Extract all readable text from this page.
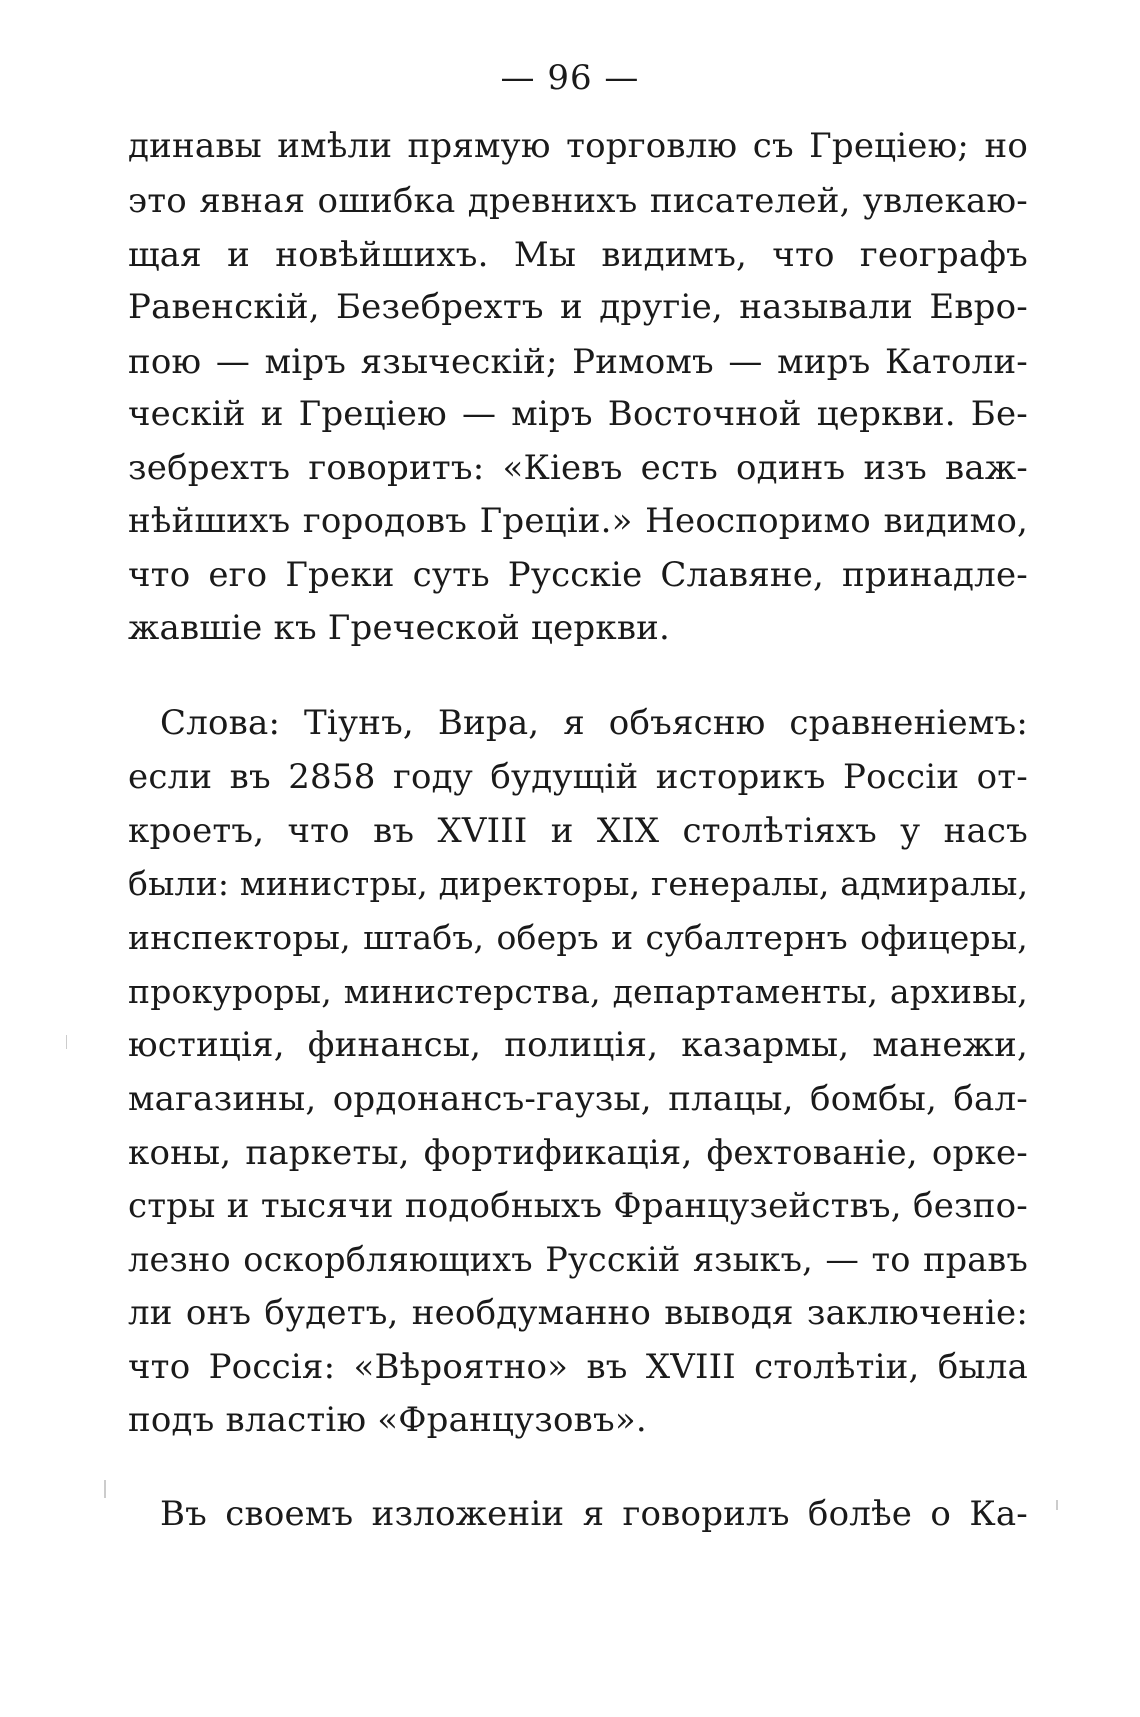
— 96 —
динавы имѣли прямую торговлю съ Греціею; но
это явная ошибка древнихъ писателей, увлекаю-
щая и новѣйшихъ. Мы видимъ, что географъ
Равенскій, Безебрехтъ и другіе, называли Евро-
пою — міръ языческій; Римомъ — миръ Католи-
ческій и Греціею — міръ Восточной церкви. Бе-
зебрехтъ говоритъ: «Кіевъ есть одинъ изъ важ-
нѣйшихъ городовъ Греціи.» Неоспоримо видимо,
что его Греки суть Русскіе Славяне, принадле-
жавшіе къ Греческой церкви.
Слова: Тіунъ, Вира, я объясню сравненіемъ:
если въ 2858 году будущій историкъ Россіи от-
кроетъ, что въ XVIII и XIX столѣтіяхъ у насъ
были: министры, директоры, генералы, адмиралы,
инспекторы, штабъ, оберъ и субалтернъ офицеры,
прокуроры, министерства, департаменты, архивы,
юстиція, финансы, полиція, казармы, манежи,
магазины, ордонансъ-гаузы, плацы, бомбы, бал-
коны, паркеты, фортификація, фехтованіе, орке-
стры и тысячи подобныхъ Французействъ, безпо-
лезно оскорбляющихъ Русскій языкъ, — то правъ
ли онъ будетъ, необдуманно выводя заключеніе:
что Россія: «Вѣроятно» въ XVIII столѣтіи, была
подъ властію «Французовъ».
Въ своемъ изложеніи я говорилъ болѣе о Ка-
